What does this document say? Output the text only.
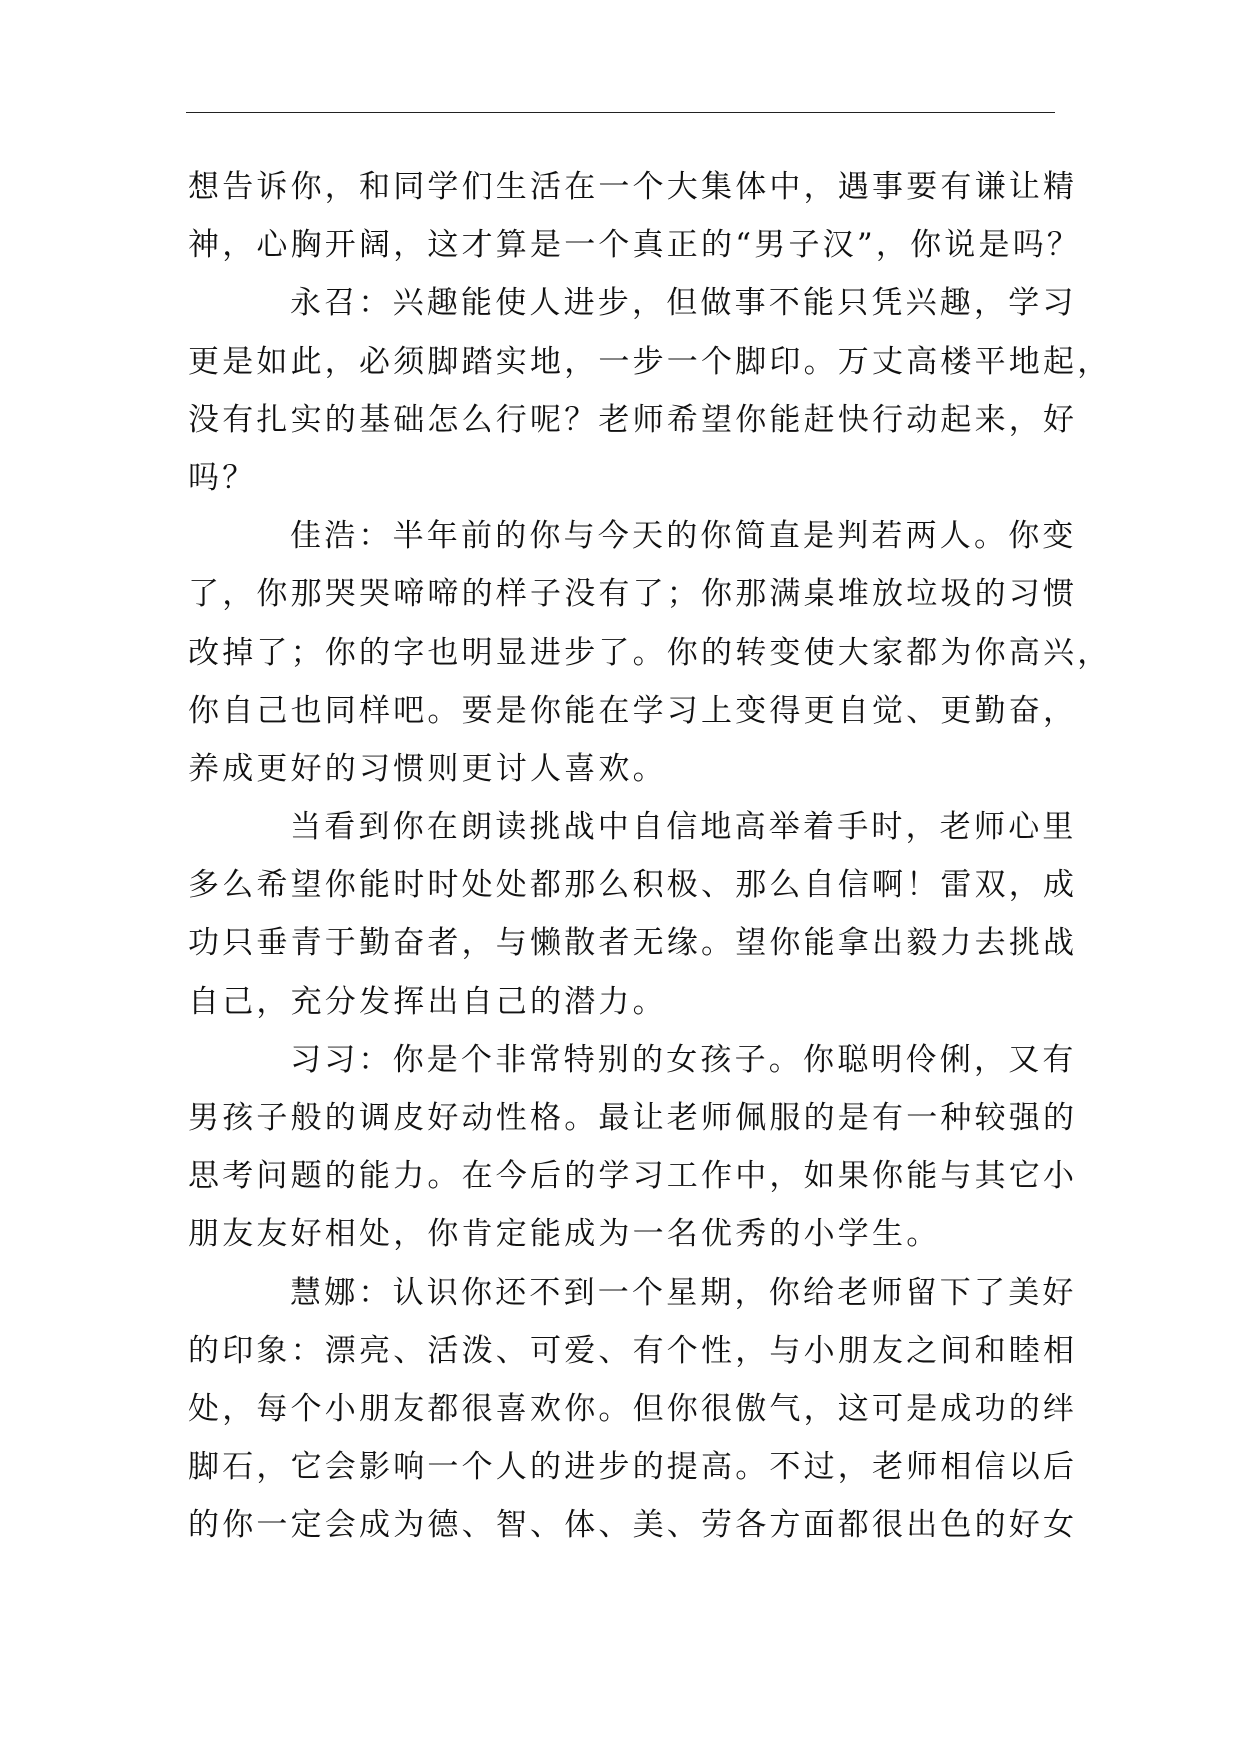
想告诉你，和同学们生活在一个大集体中，遇事要有谦让精
神，心胸开阔，这才算是一个真正的“男子汉”，你说是吗？
永召：兴趣能使人进步，但做事不能只凭兴趣，学习
更是如此，必须脚踏实地，一步一个脚印。万丈高楼平地起，
没有扎实的基础怎么行呢？老师希望你能赶快行动起来，好
吗？
佳浩：半年前的你与今天的你简直是判若两人。你变
了，你那哭哭啼啼的样子没有了；你那满桌堆放垃圾的习惯
改掉了；你的字也明显进步了。你的转变使大家都为你高兴，
你自己也同样吧。要是你能在学习上变得更自觉、更勤奋，
养成更好的习惯则更讨人喜欢。
当看到你在朗读挑战中自信地高举着手时，老师心里
多么希望你能时时处处都那么积极、那么自信啊！雷双，成
功只垂青于勤奋者，与懒散者无缘。望你能拿出毅力去挑战
自己，充分发挥出自己的潜力。
习习：你是个非常特别的女孩子。你聪明伶俐，又有
男孩子般的调皮好动性格。最让老师佩服的是有一种较强的
思考问题的能力。在今后的学习工作中，如果你能与其它小
朋友友好相处，你肯定能成为一名优秀的小学生。
慧娜：认识你还不到一个星期，你给老师留下了美好
的印象：漂亮、活泼、可爱、有个性，与小朋友之间和睦相
处，每个小朋友都很喜欢你。但你很傲气，这可是成功的绊
脚石，它会影响一个人的进步的提高。不过，老师相信以后
的你一定会成为德、智、体、美、劳各方面都很出色的好女
